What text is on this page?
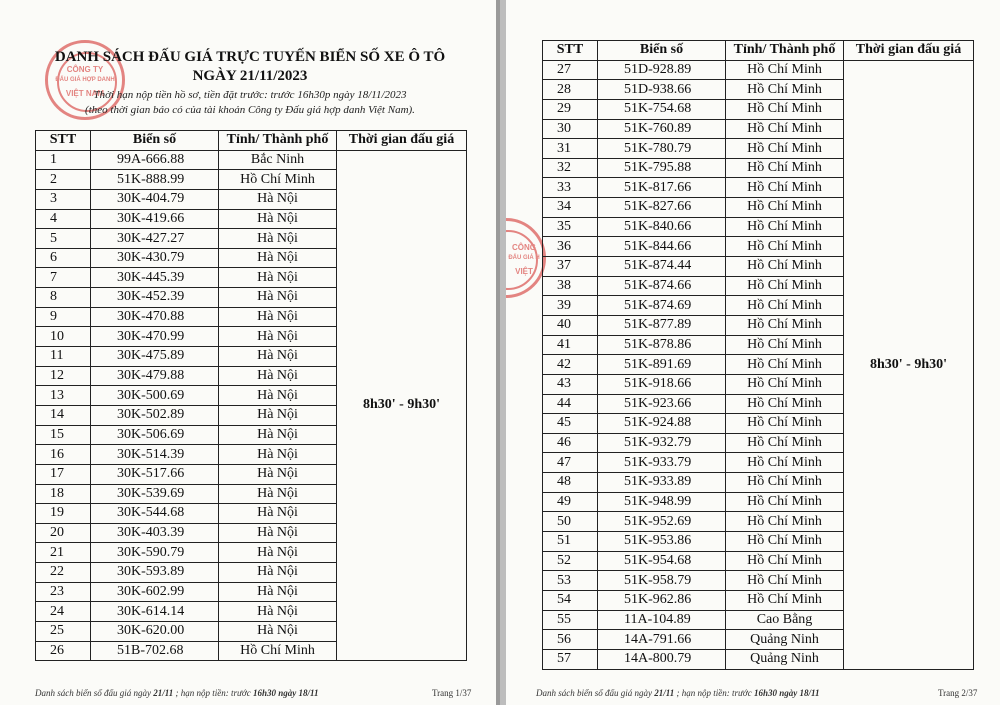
CÔNG TY
ĐẤU GIÁ HỢP DANH
VIỆT NAM
DANH SÁCH ĐẤU GIÁ TRỰC TUYẾN BIỂN SỐ XE Ô TÔ
NGÀY 21/11/2023
Thời hạn nộp tiền hồ sơ, tiền đặt trước: trước 16h30p ngày 18/11/2023
(theo thời gian báo có của tài khoản Công ty Đấu giá hợp danh Việt Nam).
STT	Biển số	Tỉnh/ Thành phố	Thời gian đấu giá
1	99A-666.88	Bắc Ninh	8h30' - 9h30'
2	51K-888.99	Hồ Chí Minh	
3	30K-404.79	Hà Nội	
4	30K-419.66	Hà Nội	
5	30K-427.27	Hà Nội	
6	30K-430.79	Hà Nội	
7	30K-445.39	Hà Nội	
8	30K-452.39	Hà Nội	
9	30K-470.88	Hà Nội	
10	30K-470.99	Hà Nội	
11	30K-475.89	Hà Nội	
12	30K-479.88	Hà Nội	
13	30K-500.69	Hà Nội	
14	30K-502.89	Hà Nội	
15	30K-506.69	Hà Nội	
16	30K-514.39	Hà Nội	
17	30K-517.66	Hà Nội	
18	30K-539.69	Hà Nội	
19	30K-544.68	Hà Nội	
20	30K-403.39	Hà Nội	
21	30K-590.79	Hà Nội	
22	30K-593.89	Hà Nội	
23	30K-602.99	Hà Nội	
24	30K-614.14	Hà Nội	
25	30K-620.00	Hà Nội	
26	51B-702.68	Hồ Chí Minh	
Danh sách biển số đấu giá ngày 21/11 ; hạn nộp tiền: trước 16h30 ngày 18/11	Trang 1/37
CÔNG
ĐẤU GIÁ H
VIỆT
STT	Biển số	Tỉnh/ Thành phố	Thời gian đấu giá
27	51D-928.89	Hồ Chí Minh	8h30' - 9h30'
28	51D-938.66	Hồ Chí Minh	
29	51K-754.68	Hồ Chí Minh	
30	51K-760.89	Hồ Chí Minh	
31	51K-780.79	Hồ Chí Minh	
32	51K-795.88	Hồ Chí Minh	
33	51K-817.66	Hồ Chí Minh	
34	51K-827.66	Hồ Chí Minh	
35	51K-840.66	Hồ Chí Minh	
36	51K-844.66	Hồ Chí Minh	
37	51K-874.44	Hồ Chí Minh	
38	51K-874.66	Hồ Chí Minh	
39	51K-874.69	Hồ Chí Minh	
40	51K-877.89	Hồ Chí Minh	
41	51K-878.86	Hồ Chí Minh	
42	51K-891.69	Hồ Chí Minh	
43	51K-918.66	Hồ Chí Minh	
44	51K-923.66	Hồ Chí Minh	
45	51K-924.88	Hồ Chí Minh	
46	51K-932.79	Hồ Chí Minh	
47	51K-933.79	Hồ Chí Minh	
48	51K-933.89	Hồ Chí Minh	
49	51K-948.99	Hồ Chí Minh	
50	51K-952.69	Hồ Chí Minh	
51	51K-953.86	Hồ Chí Minh	
52	51K-954.68	Hồ Chí Minh	
53	51K-958.79	Hồ Chí Minh	
54	51K-962.86	Hồ Chí Minh	
55	11A-104.89	Cao Bằng	
56	14A-791.66	Quảng Ninh	
57	14A-800.79	Quảng Ninh	
Danh sách biển số đấu giá ngày 21/11 ; hạn nộp tiền: trước 16h30 ngày 18/11	Trang 2/37
